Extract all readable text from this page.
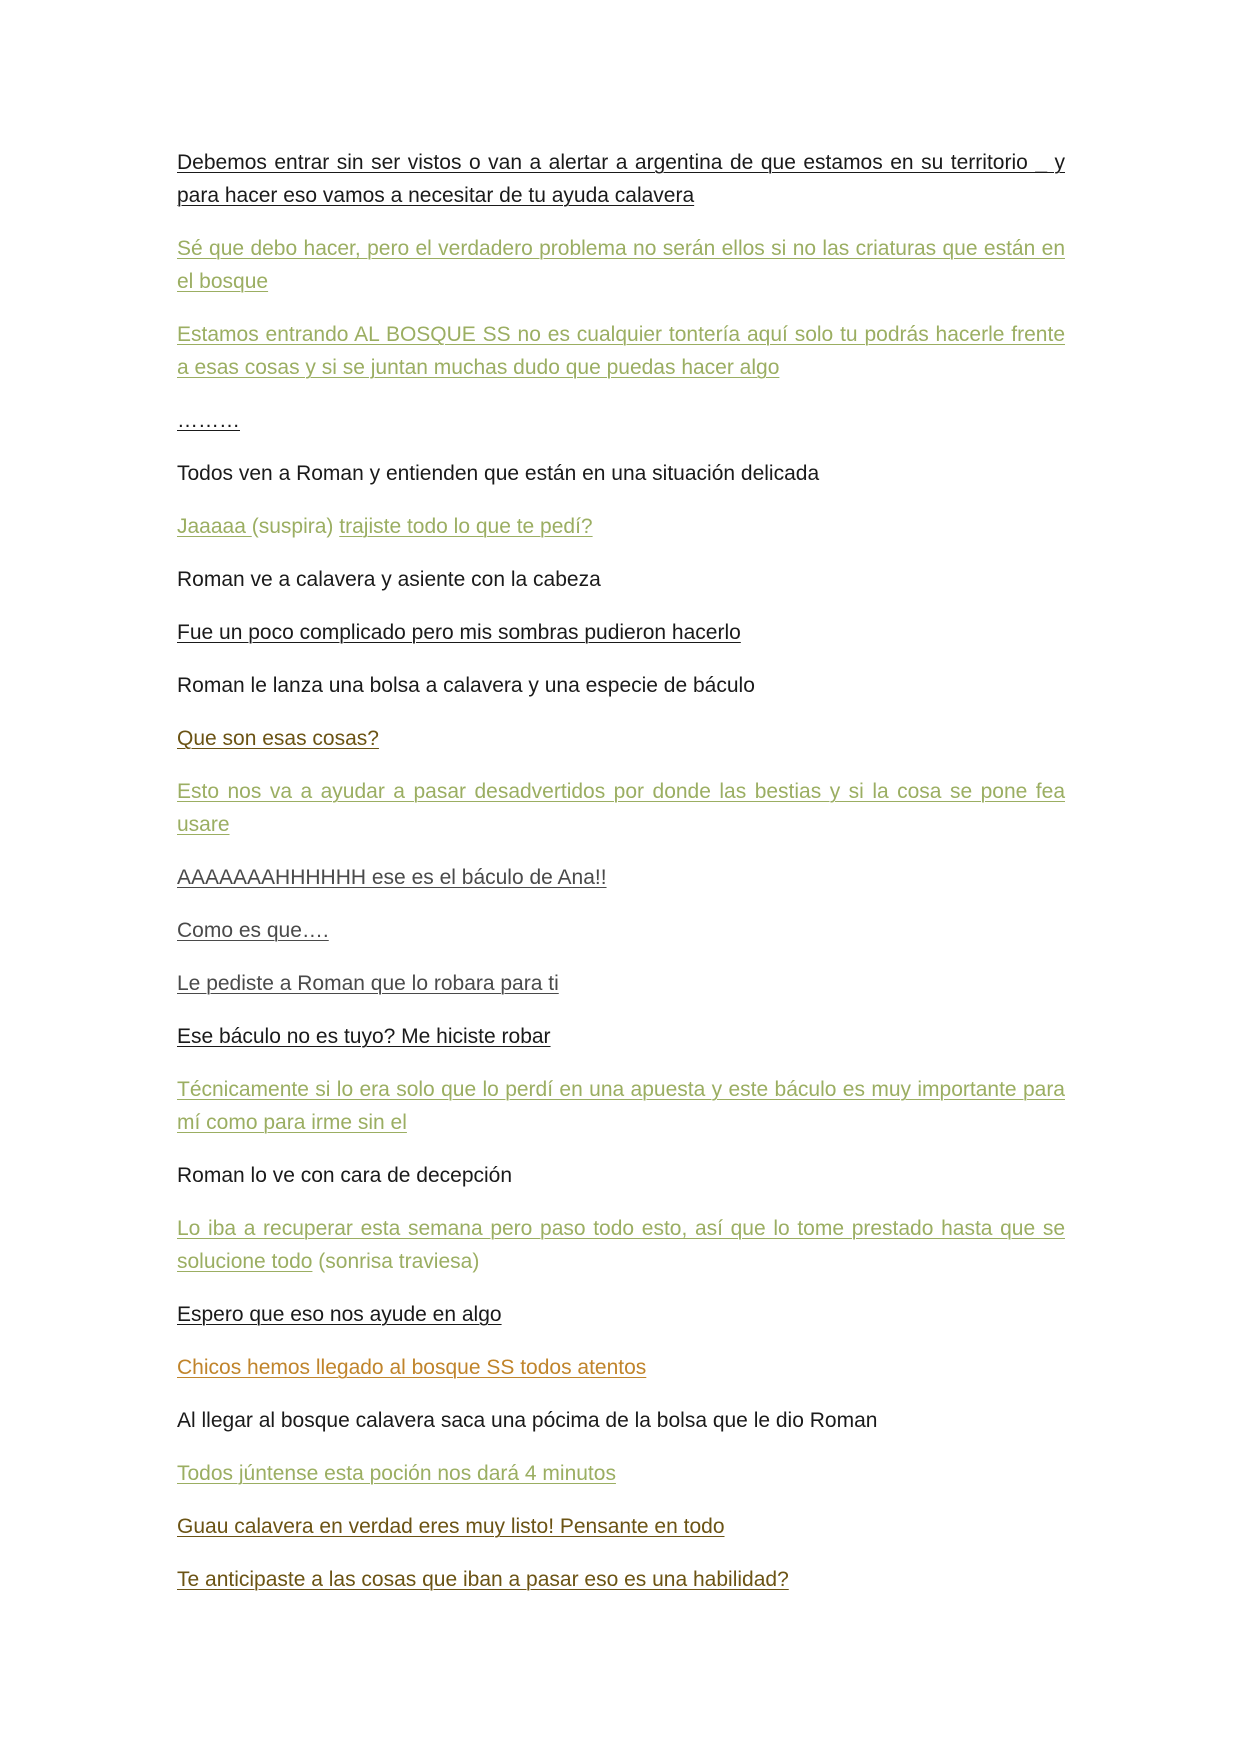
Debemos entrar sin ser vistos o van a alertar a argentina de que estamos en su territorio _ y para hacer eso vamos a necesitar de tu ayuda calavera

Sé que debo hacer, pero el verdadero problema no serán ellos si no las criaturas que están en el bosque

Estamos entrando AL BOSQUE SS no es cualquier tontería aquí solo tu podrás hacerle frente a esas cosas y si se juntan muchas dudo que puedas hacer algo

………

Todos ven a Roman y entienden que están en una situación delicada

Jaaaaa (suspira) trajiste todo lo que te pedí?

Roman ve a calavera y asiente con la cabeza

Fue un poco complicado pero mis sombras pudieron hacerlo

Roman le lanza una bolsa a calavera y una especie de báculo

Que son esas cosas?

Esto nos va a ayudar a pasar desadvertidos por donde las bestias y si la cosa se pone fea usare

AAAAAAAHHHHHH ese es el báculo de Ana!!

Como es que….

Le pediste a Roman que lo robara para ti

Ese báculo no es tuyo? Me hiciste robar

Técnicamente si lo era solo que lo perdí en una apuesta y este báculo es muy importante para mí como para irme sin el

Roman lo ve con cara de decepción

Lo iba a recuperar esta semana pero paso todo esto, así que lo tome prestado hasta que se solucione todo (sonrisa traviesa)

Espero que eso nos ayude en algo

Chicos hemos llegado al bosque SS todos atentos

Al llegar al bosque calavera saca una pócima de la bolsa que le dio Roman

Todos júntense esta poción nos dará 4 minutos

Guau calavera en verdad eres muy listo! Pensante en todo

Te anticipaste a las cosas que iban a pasar eso es una habilidad?
